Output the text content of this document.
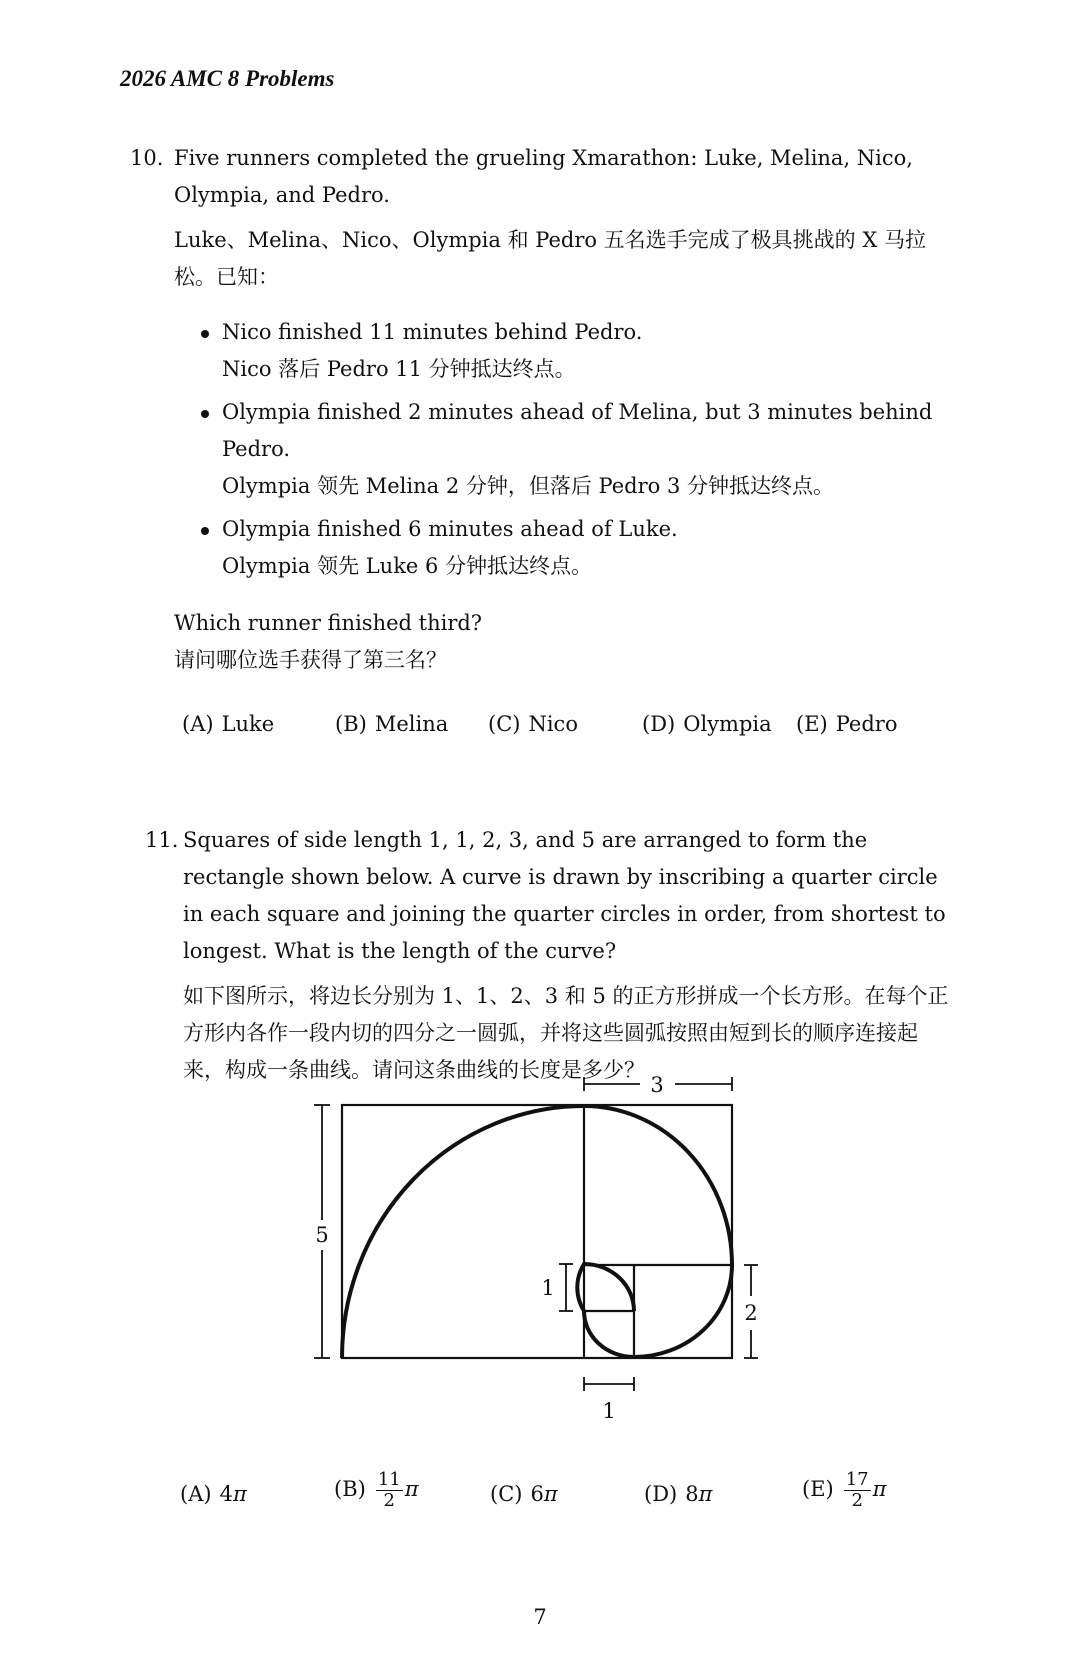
2026 AMC 8 Problems
10. Five runners completed the grueling Xmarathon: Luke, Melina, Nico, Olympia, and Pedro.

Luke、Melina、Nico、Olympia 和 Pedro 五名选手完成了极具挑战的 X 马拉松。已知：

Nico finished 11 minutes behind Pedro.
Nico 落后 Pedro 11 分钟抵达终点。
Olympia finished 2 minutes ahead of Melina, but 3 minutes behind Pedro.
Olympia 领先 Melina 2 分钟，但落后 Pedro 3 分钟抵达终点。
Olympia finished 6 minutes ahead of Luke.
Olympia 领先 Luke 6 分钟抵达终点。
Which runner finished third?
请问哪位选手获得了第三名？
(A) Luke	(B) Melina (C) Nico	(D) Olympia (E) Pedro
11. Squares of side length 1, 1, 2, 3, and 5 are arranged to form the rectangle shown below. A curve is drawn by inscribing a quarter circle in each square and joining the quarter circles in order, from shortest to longest. What is the length of the curve?

如下图所示，将边长分别为 1、1、2、3 和 5 的正方形拼成一个长方形。在每个正方形内各作一段内切的四分之一圆弧，并将这些圆弧按照由短到长的顺序连接起来，构成一条曲线。请问这条曲线的长度是多少？

3
5
1
2
1
(A) 4π	$(B) \frac{11}{2}$ π	(C) 6π	(D) 8π	$(E) \frac{17}{2}$ π
7
